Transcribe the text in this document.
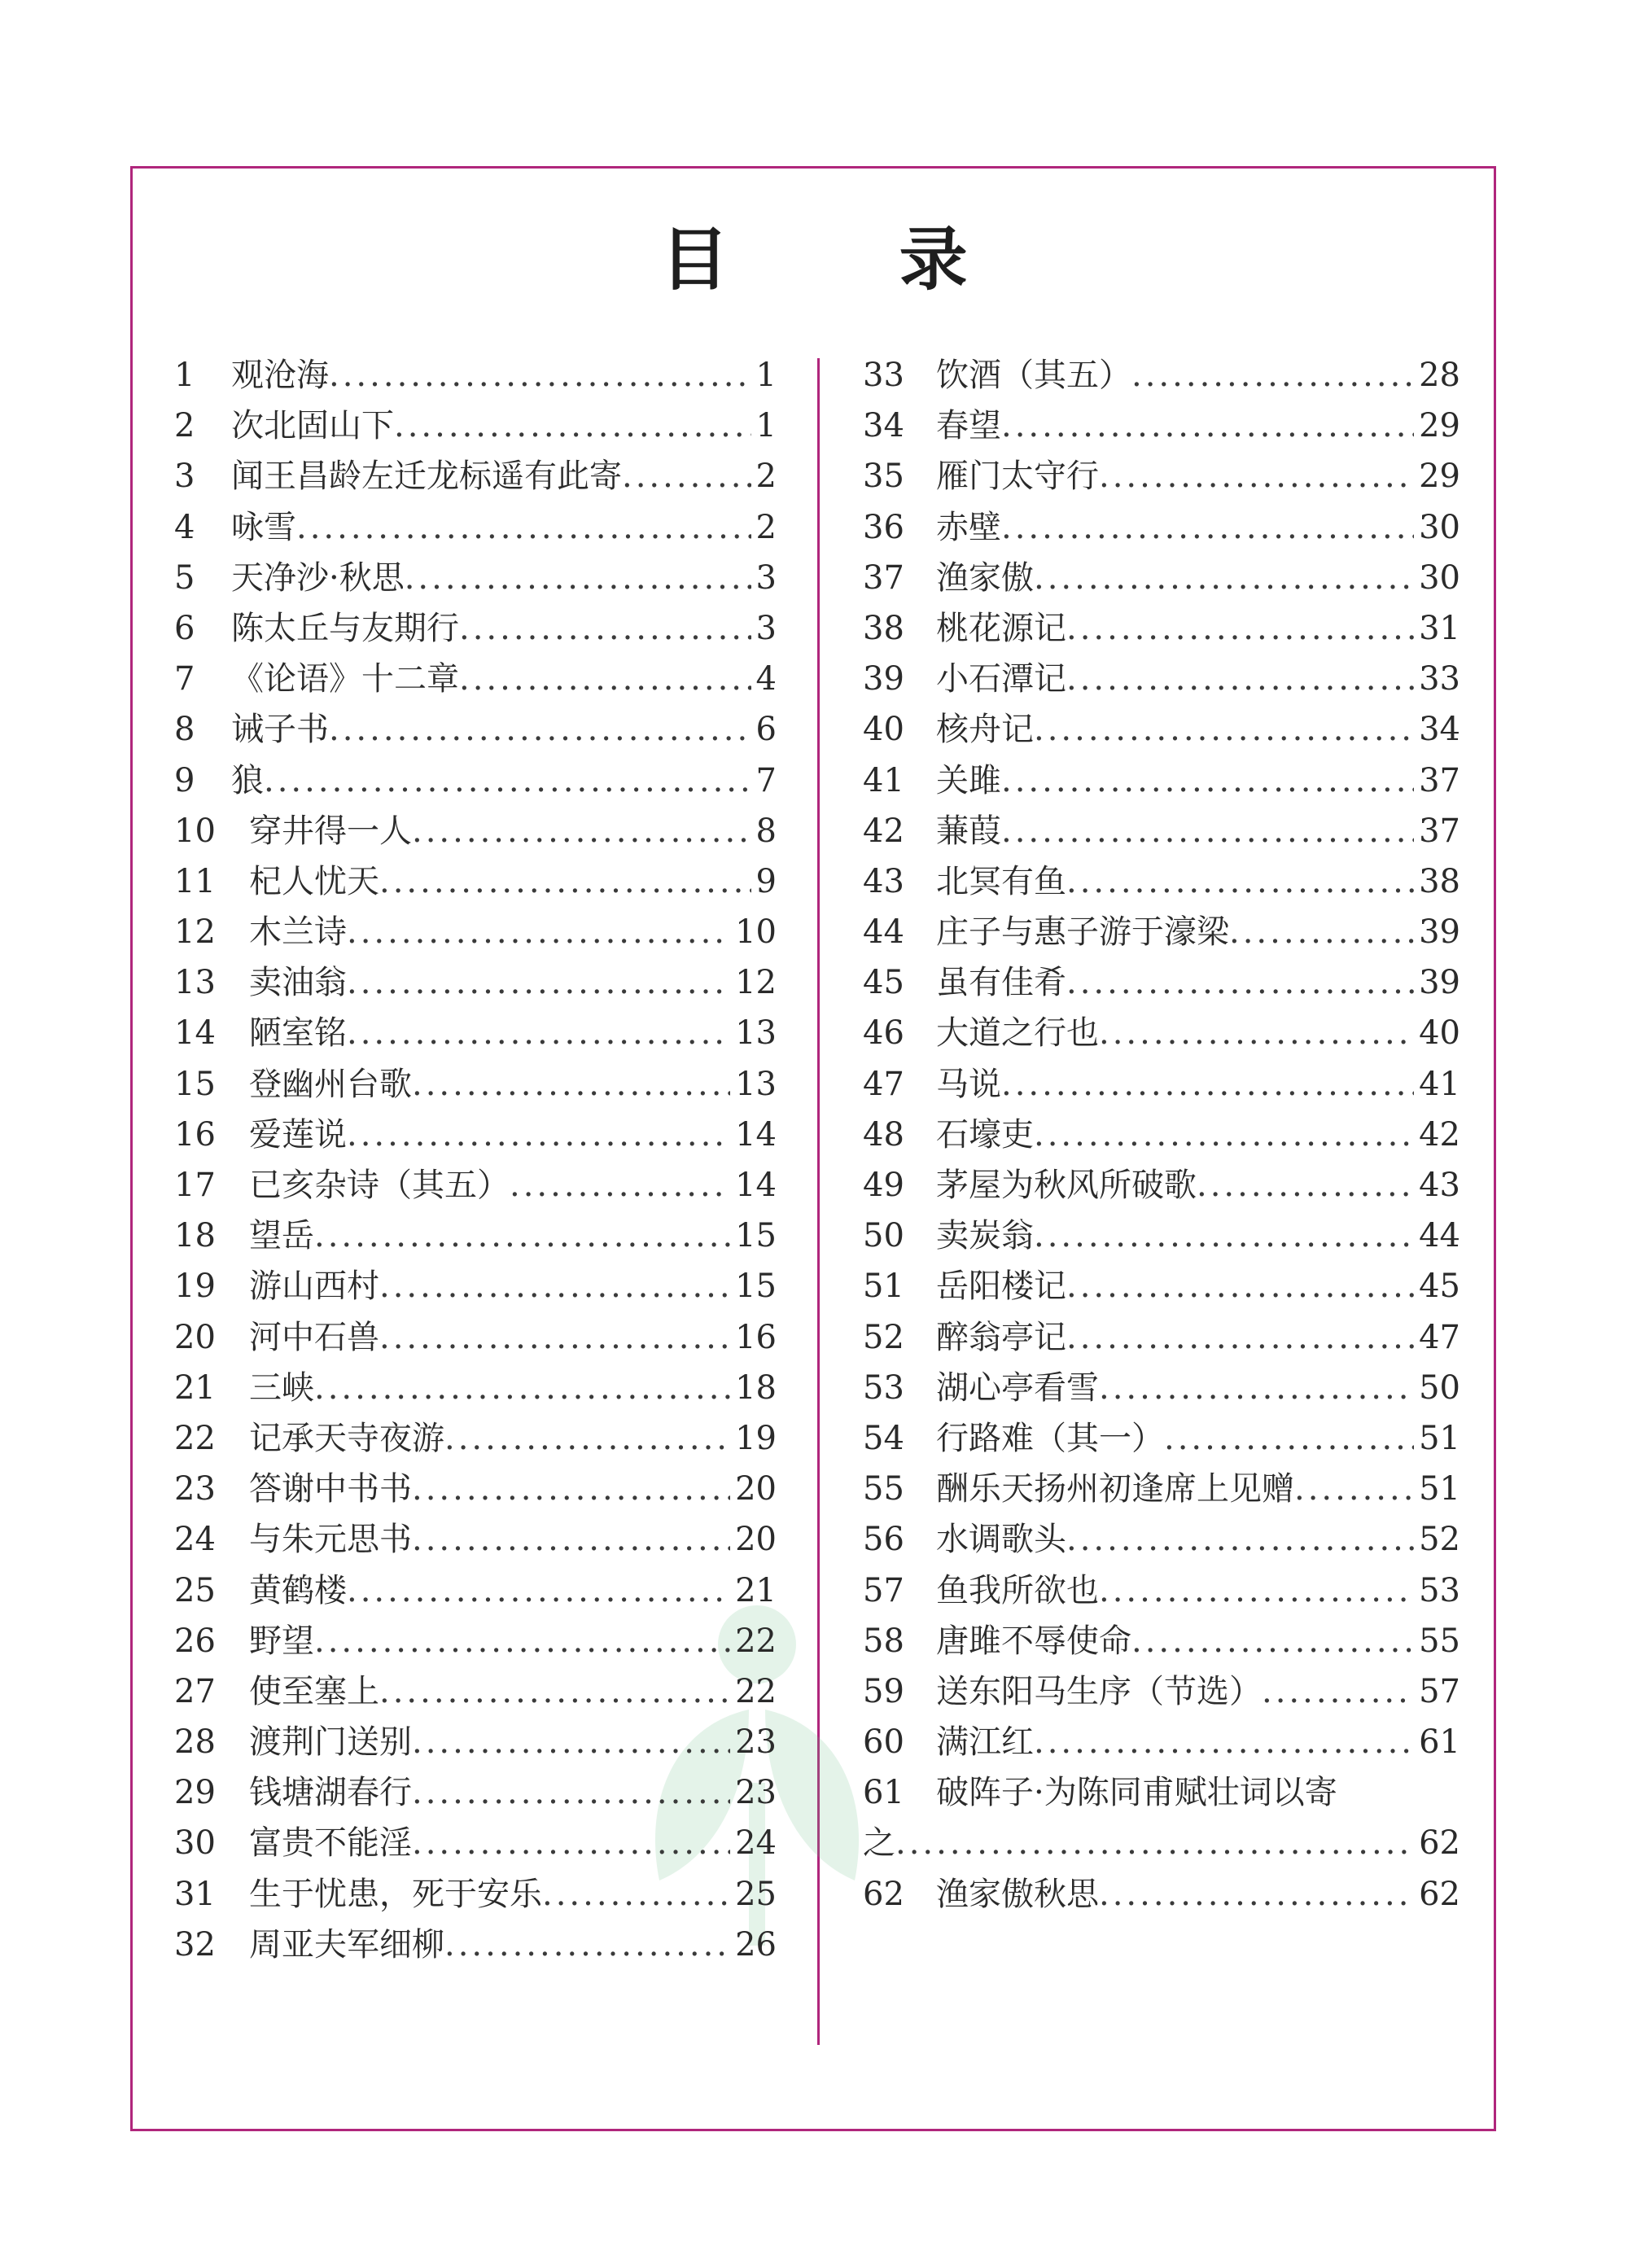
目 录
1	观沧海 .....	1
2	次北固山下 .....	1
3	闻王昌龄左迁龙标遥有此寄 .....	2
4	咏雪 .....	2
5	天净沙·秋思 .....	3
6	陈太丘与友期行 .....	3
7	《论语》十二章 .....	4
8	诫子书 .....	6
9	狼 .....	7
10	穿井得一人 .....	8
11	杞人忧天 .....	9
12	木兰诗 .....	10
13	卖油翁 .....	12
14	陋室铭 .....	13
15	登幽州台歌 .....	13
16	爱莲说 .....	14
17	已亥杂诗（其五） .....	14
18	望岳 .....	15
19	游山西村 .....	15
20	河中石兽 .....	16
21	三峡 .....	18
22	记承天寺夜游 .....	19
23	答谢中书书 .....	20
24	与朱元思书 .....	20
25	黄鹤楼 .....	21
26	野望 .....	22
27	使至塞上 .....	22
28	渡荆门送别 .....	23
29	钱塘湖春行 .....	23
30	富贵不能淫 .....	24
31	生于忧患，死于安乐 .....	25
32	周亚夫军细柳 .....	26
33 饮酒（其五） .....	28
34 春望 .....	29
35 雁门太守行 .....	29
36 赤壁 .....	30
37 渔家傲 .....	30
38 桃花源记 .....	31
39 小石潭记 .....	33
40 核舟记 .....	34
41 关雎 .....	37
42 蒹葭 .....	37
43 北冥有鱼 .....	38
44 庄子与惠子游于濠梁 .....	39
45 虽有佳肴 .....	39
46 大道之行也 .....	40
47 马说 .....	41
48 石壕吏 .....	42
49 茅屋为秋风所破歌 .....	43
50 卖炭翁 .....	44
51 岳阳楼记 .....	45
52 醉翁亭记 .....	47
53 湖心亭看雪 .....	50
54 行路难（其一） .....	51
55 酬乐天扬州初逢席上见赠 .....	51
56 水调歌头 .....	52
57 鱼我所欲也 .....	53
58 唐雎不辱使命 .....	55
59 送东阳马生序（节选） .....	57
60 满江红 .....	61
61 破阵子·为陈同甫赋壮词以寄
之 .....	62
62 渔家傲秋思 .....	62
